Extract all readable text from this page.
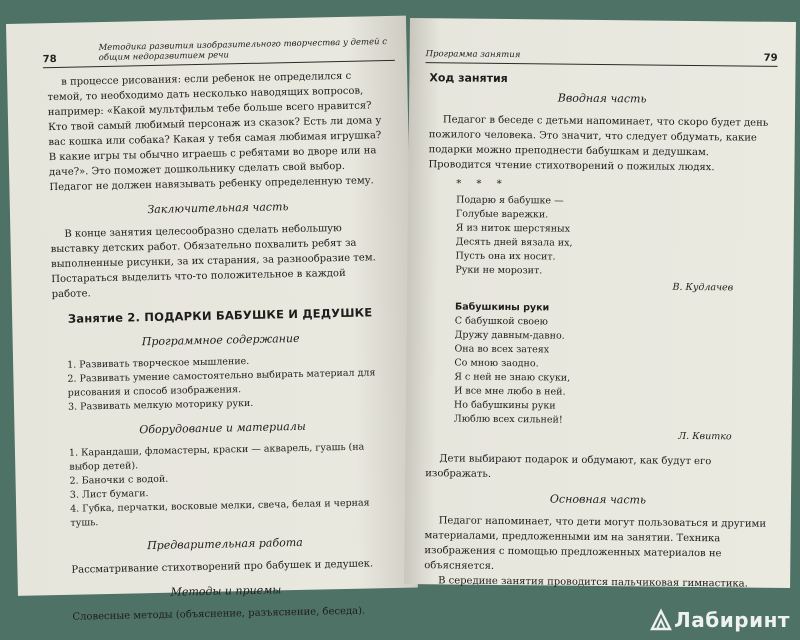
78
Методика развития изобразительного творчества у детей с общим недоразвитием речи

в процессе рисования: если ребенок не определился с темой, то необходимо дать несколько наводящих вопросов, например: «Какой мультфильм тебе больше всего нравится? Кто твой самый любимый персонаж из сказок? Есть ли дома у вас кошка или собака? Какая у тебя самая любимая игрушка? В какие игры ты обычно играешь с ребятами во дворе или на даче?». Это поможет дошкольнику сделать свой выбор. Педагог не должен навязывать ребенку определенную тему.

Заключительная часть

В конце занятия целесообразно сделать небольшую выставку детских работ. Обязательно похвалить ребят за выполненные рисунки, за их старания, за разнообразие тем. Постараться выделить что-то положительное в каждой работе.

Занятие 2. ПОДАРКИ БАБУШКЕ И ДЕДУШКЕ

Программное содержание

1. Развивать творческое мышление.

2. Развивать умение самостоятельно выбирать материал для рисования и способ изображения.

3. Развивать мелкую моторику руки.

Оборудование и материалы

1. Карандаши, фломастеры, краски — акварель, гуашь (на выбор детей).

2. Баночки с водой.

3. Лист бумаги.

4. Губка, перчатки, восковые мелки, свеча, белая и черная тушь.

Предварительная работа

Рассматривание стихотворений про бабушек и дедушек.

Методы и приемы

Словесные методы (объяснение, разъяснение, беседа).

Программа занятия	79

Ход занятия

Вводная часть

Педагог в беседе с детьми напоминает, что скоро будет день пожилого человека. Это значит, что следует обдумать, какие подарки можно преподнести бабушкам и дедушкам. Проводится чтение стихотворений о пожилых людях.

* * *

Подарю я бабушке —

Голубые варежки.

Я из ниток шерстяных

Десять дней вязала их,

Пусть она их носит.

Руки не морозит.

В. Кудлачев

Бабушкины руки

С бабушкой своею

Дружу давным-давно.

Она во всех затеях

Со мною заодно.

Я с ней не знаю скуки,

И все мне любо в ней.

Но бабушкины руки

Люблю всех сильней!

Л. Квитко

Дети выбирают подарок и обдумают, как будут его изображать.

Основная часть

Педагог напоминает, что дети могут пользоваться и другими материалами, предложенными им на занятии. Техника изображения с помощью предложенных материалов не объясняется.

В середине занятия проводится пальчиковая гимнастика.

Лабиринт
